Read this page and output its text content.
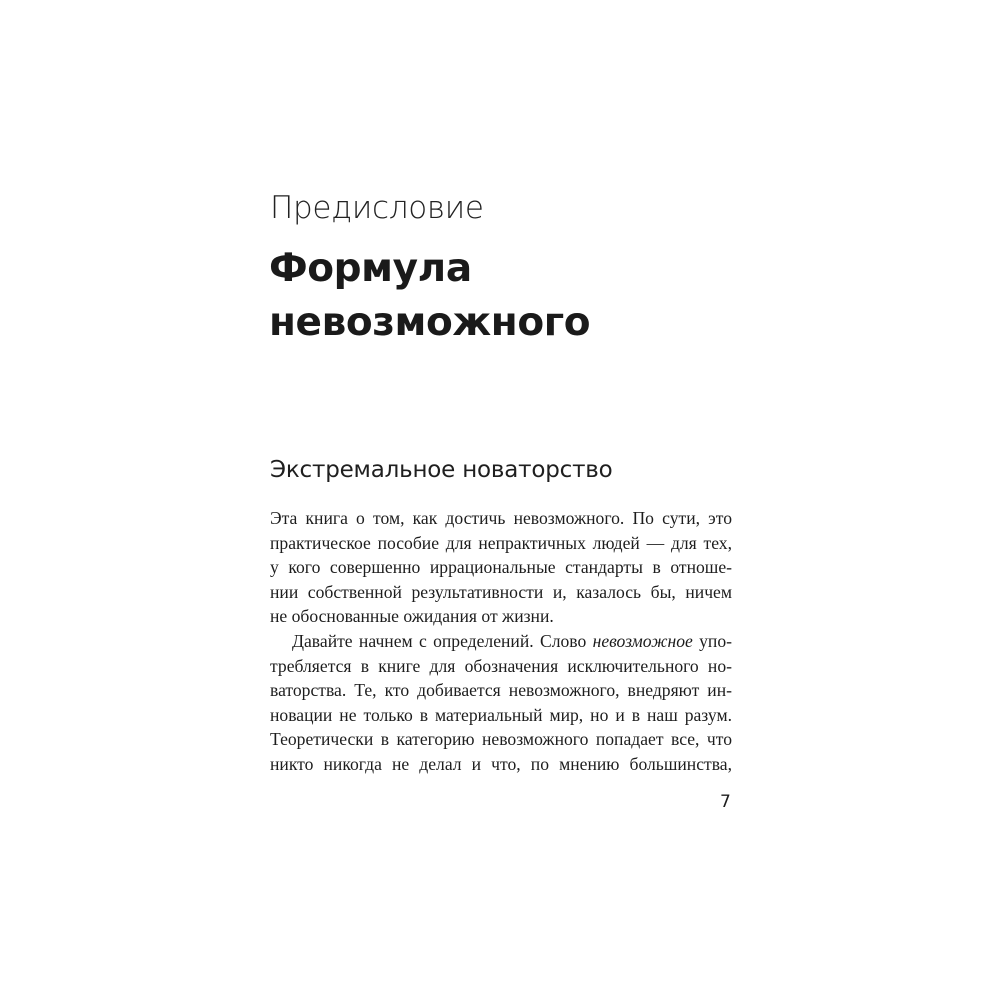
Предисловие
Формула
невозможного
Экстремальное новаторство
Эта книга о том, как достичь невозможного. По сути, это
практическое пособие для непрактичных людей — для тех,
у кого совершенно иррациональные стандарты в отноше-
нии собственной результативности и, казалось бы, ничем
не обоснованные ожидания от жизни.
Давайте начнем с определений. Слово невозможное упо-
требляется в книге для обозначения исключительного но-
ваторства. Те, кто добивается невозможного, внедряют ин-
новации не только в материальный мир, но и в наш разум.
Теоретически в категорию невозможного попадает все, что
никто никогда не делал и что, по мнению большинства,
7
